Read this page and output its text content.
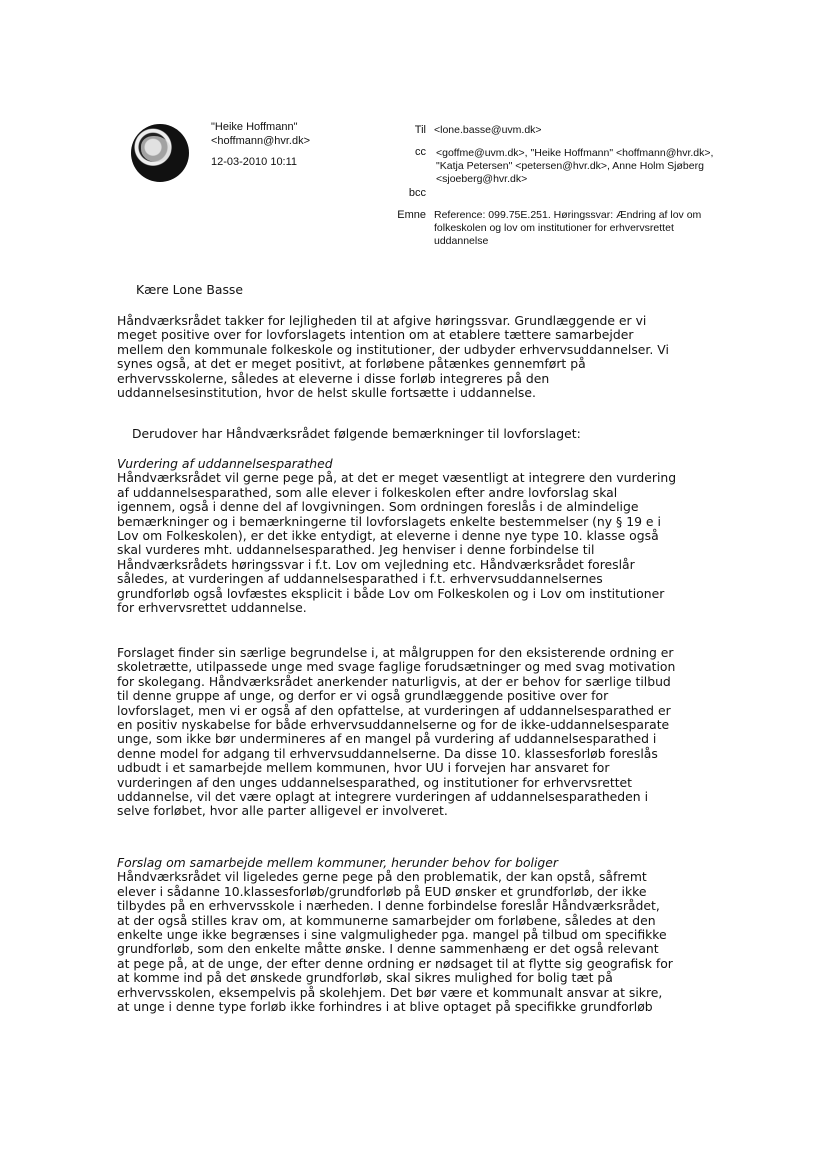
"Heike Hoffmann"
<hoffmann@hvr.dk>
12-03-2010 10:11
Til
cc
bcc
Emne
<lone.basse@uvm.dk>
<goffme@uvm.dk>, "Heike Hoffmann" <hoffmann@hvr.dk>,
"Katja Petersen" <petersen@hvr.dk>, Anne Holm Sjøberg
<sjoeberg@hvr.dk>
Reference: 099.75E.251. Høringssvar: Ændring af lov om
folkeskolen og lov om institutioner for erhvervsrettet
uddannelse
Kære Lone Basse
Håndværksrådet takker for lejligheden til at afgive høringssvar. Grundlæggende er vi
meget positive over for lovforslagets intention om at etablere tættere samarbejder
mellem den kommunale folkeskole og institutioner, der udbyder erhvervsuddannelser. Vi
synes også, at det er meget positivt, at forløbene påtænkes gennemført på
erhvervsskolerne, således at eleverne i disse forløb integreres på den
uddannelsesinstitution, hvor de helst skulle fortsætte i uddannelse.
Derudover har Håndværksrådet følgende bemærkninger til lovforslaget:
Vurdering af uddannelsesparathed
Håndværksrådet vil gerne pege på, at det er meget væsentligt at integrere den vurdering
af uddannelsesparathed, som alle elever i folkeskolen efter andre lovforslag skal
igennem, også i denne del af lovgivningen. Som ordningen foreslås i de almindelige
bemærkninger og i bemærkningerne til lovforslagets enkelte bestemmelser (ny § 19 e i
Lov om Folkeskolen), er det ikke entydigt, at eleverne i denne nye type 10. klasse også
skal vurderes mht. uddannelsesparathed. Jeg henviser i denne forbindelse til
Håndværksrådets høringssvar i f.t. Lov om vejledning etc. Håndværksrådet foreslår
således, at vurderingen af uddannelsesparathed i f.t. erhvervsuddannelsernes
grundforløb også lovfæstes eksplicit i både Lov om Folkeskolen og i Lov om institutioner
for erhvervsrettet uddannelse.
Forslaget finder sin særlige begrundelse i, at målgruppen for den eksisterende ordning er
skoletrætte, utilpassede unge med svage faglige forudsætninger og med svag motivation
for skolegang. Håndværksrådet anerkender naturligvis, at der er behov for særlige tilbud
til denne gruppe af unge, og derfor er vi også grundlæggende positive over for
lovforslaget, men vi er også af den opfattelse, at vurderingen af uddannelsesparathed er
en positiv nyskabelse for både erhvervsuddannelserne og for de ikke-uddannelsesparate
unge, som ikke bør undermineres af en mangel på vurdering af uddannelsesparathed i
denne model for adgang til erhvervsuddannelserne. Da disse 10. klassesforløb foreslås
udbudt i et samarbejde mellem kommunen, hvor UU i forvejen har ansvaret for
vurderingen af den unges uddannelsesparathed, og institutioner for erhvervsrettet
uddannelse, vil det være oplagt at integrere vurderingen af uddannelsesparatheden i
selve forløbet, hvor alle parter alligevel er involveret.
Forslag om samarbejde mellem kommuner, herunder behov for boliger
Håndværksrådet vil ligeledes gerne pege på den problematik, der kan opstå, såfremt
elever i sådanne 10.klassesforløb/grundforløb på EUD ønsker et grundforløb, der ikke
tilbydes på en erhvervsskole i nærheden. I denne forbindelse foreslår Håndværksrådet,
at der også stilles krav om, at kommunerne samarbejder om forløbene, således at den
enkelte unge ikke begrænses i sine valgmuligheder pga. mangel på tilbud om specifikke
grundforløb, som den enkelte måtte ønske. I denne sammenhæng er det også relevant
at pege på, at de unge, der efter denne ordning er nødsaget til at flytte sig geografisk for
at komme ind på det ønskede grundforløb, skal sikres mulighed for bolig tæt på
erhvervsskolen, eksempelvis på skolehjem. Det bør være et kommunalt ansvar at sikre,
at unge i denne type forløb ikke forhindres i at blive optaget på specifikke grundforløb
